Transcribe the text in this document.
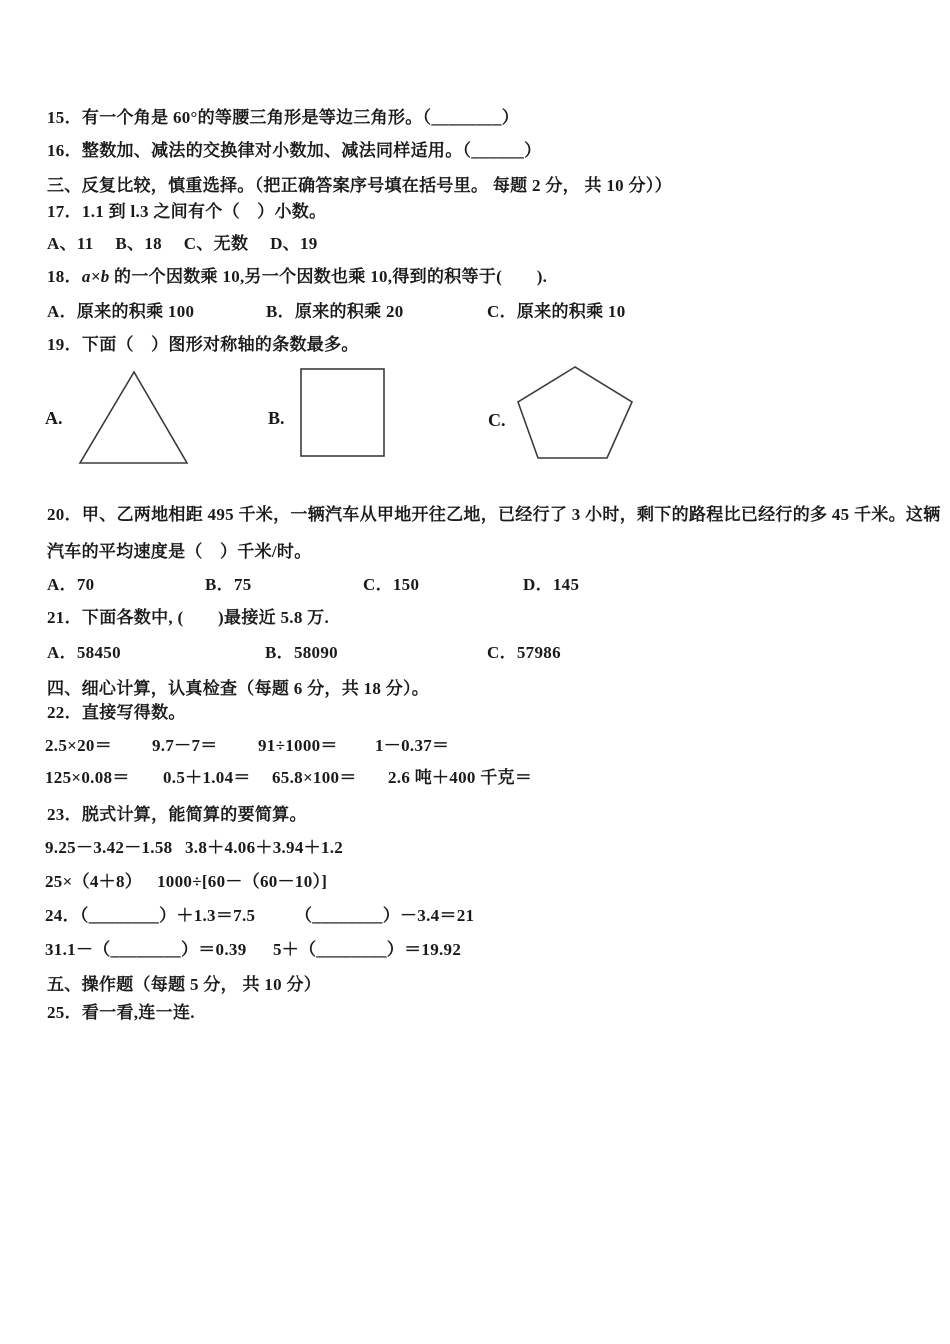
15．有一个角是 60°的等腰三角形是等边三角形。（________）
16．整数加、减法的交换律对小数加、减法同样适用。（______）
三、反复比较，慎重选择。（把正确答案序号填在括号里。 每题 2 分， 共 10 分））
17．1.1 到 l.3 之间有个（　）小数。
A、11　 B、18　 C、无数　 D、19
18．a×b 的一个因数乘 10,另一个因数也乘 10,得到的积等于(　　).
A．原来的积乘 100	B．原来的积乘 20	C．原来的积乘 10
19．下面（　）图形对称轴的条数最多。
A.	B.	C.
20．甲、乙两地相距 495 千米，一辆汽车从甲地开往乙地，已经行了 3 小时，剩下的路程比已经行的多 45 千米。这辆
汽车的平均速度是（　）千米/时。
A．70	B．75	C．150	D．145
21．下面各数中, (　　)最接近 5.8 万.
A．58450	B．58090	C．57986
四、细心计算，认真检查（每题 6 分，共 18 分）。
22．直接写得数。
2.5×20＝ 9.7－7＝ 91÷1000＝ 1－0.37＝
125×0.08＝ 0.5＋1.04＝ 65.8×100＝ 2.6 吨＋400 千克＝
23．脱式计算，能简算的要简算。
9.25－3.42－1.58 3.8＋4.06＋3.94＋1.2
25×（4＋8） 1000÷[60－（60－10）]
24．（________）＋1.3＝7.5 （________）－3.4＝21
31.1－（________）＝0.39 5＋（________）＝19.92
五、操作题（每题 5 分， 共 10 分）
25．看一看,连一连.
